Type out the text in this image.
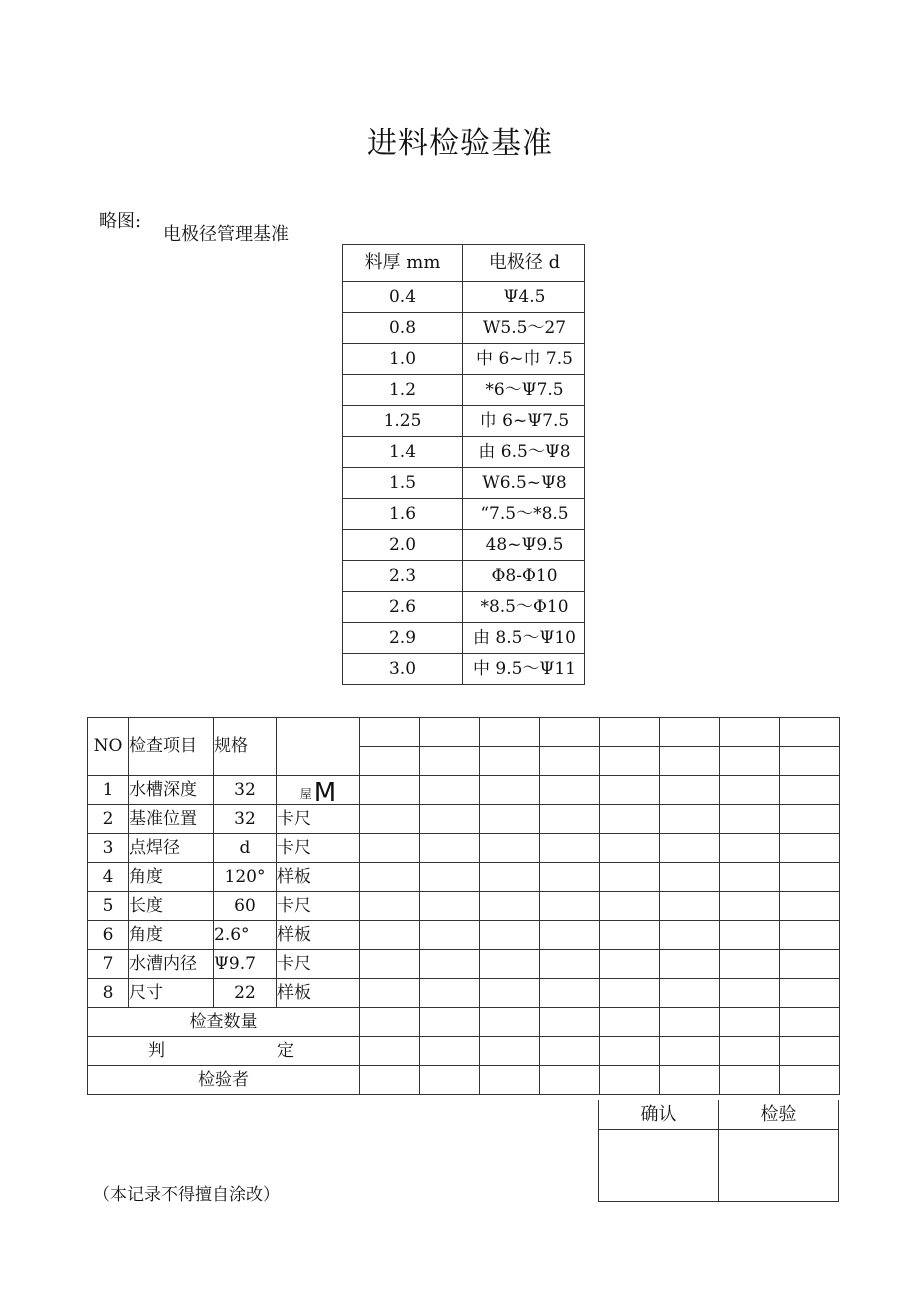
进料检验基准
略图:
电极径管理基准
料厚 mm	电极径 d
0.4	Ψ4.5
0.8	W5.5～27
1.0	中 6~巾 7.5
1.2	*6～Ψ7.5
1.25	巾 6~Ψ7.5
1.4	由 6.5～Ψ8
1.5	W6.5~Ψ8
1.6	“7.5～*8.5
2.0	48~Ψ9.5
2.3	Φ8-Φ10
2.6	*8.5～Φ10
2.9	由 8.5～Ψ10
3.0	中 9.5～Ψ11
NO	检查项目	规格									

1	水槽深度	32	屋M								
2	基准位置	32	卡尺								
3	点焊径	d	卡尺								
4	角度	120°	样板								
5	长度	60	卡尺								
6	角度	2.6°	样板								
7	水漕内径	Ψ9.7	卡尺								
8	尺寸	22	样板								
检查数量											
判 定											
检验者											
确认	检验

（本记录不得擅自涂改）
